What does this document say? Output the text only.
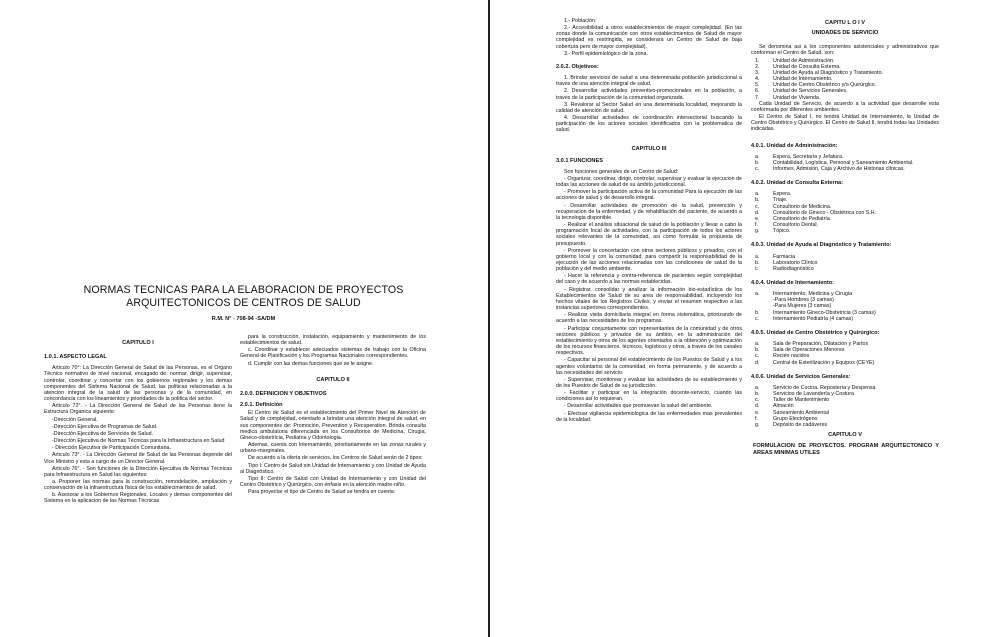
NORMAS TECNICAS PARA LA ELABORACION DE PROYECTOS
ARQUITECTONICOS DE CENTROS DE SALUD
R.M. N° - 708-94 -SA/DM
CAPITULO I
1.0.1. ASPECTO LEGAL
Articulo 70°: La Dirección General de Salud de las Personas, es el Organo Técnico normativo de nivel nacional, encagado de: normar, dirigir, supervisar, controlar, coordinar y concertar con los gobiernos regionales y los demas componentes del Sistema Nacional de Salud, las politicas relacionadas a la atencion integral de la salud de las personas y de la comunidad, en concordancia con los lineamientos y prioridades de la politica del sector.
Articulo 72°. - La Dirección General de Salud de las Personas tiene la Estructura Organica siguiente:
-Dirección General.
-Dirección Ejecutiva de Programas de Salud.
-Dirección Ejecutiva de Servicios de Salud.
-Dirección Ejecutiva de Normas Técnicas para la Infraestructura en Salud
- Dirección Ejecutiva de Participación Comunitaria.
Articulo 73°. - La Dirección General de Salud de las Personas depende del Vice Ministro y esta a cargo de un Director General.
Articulo 76°. - Son funciones de la Dirección Ejecutiva de Normas Técnicas para Infraestructura en Salud las siguientes:
a. Proponer las normas para la construcción, remodelación, ampliación y conservación de la infraestructura física de los establecimientos de salud.
b. Asesorar a los Gobiernos Regionales, Locales y demas componentes del Sistema en la aplicacion de las Normas Técnicas
para la construcción, instalación, equipamiento y mantenimiento de los establecimientos de salud.
c. Coordinar y establecer adecuados sistemas de trabajo con la Oficina General de Planificación y los Programas Nacionales correspondientes.
d. Cumplir con las demas funciones que se le asigne.
CAPITULO II
2.0.0. DEFINICION Y OBJETIVOS
2.0.1. Definición
El Centro de Salud es el establecimiento del Primer Nivel de Atención de Salud y de complejidad, orientado a brindar una atención integral de salud, en sus componentes de: Promoción, Prevention y Recuperation. Brinda consulta medica ambulatoria diferenciada en los Consultorios de Medicina, Cirugia, Gineco-obstetricia, Pediatria y Odontologia.
Ademas, cuenta con Internamiento, prioritariamente en las zonas rurales y urbano-marginales.
De acuerdo a la oferta de servicios, los Centros de Salud serán de 2 tipos:
Tipo I: Centro de Salud sin Unidad de Internamiento y con Unidad de Ayuda al Diagnóstico.
Tipo II: Centro de Salud con Unidad de Internamiento y con Unidad del Centro Obstétrico y Quirúrgico, con énfasis en la atención madre-niño.
Para proyectar el tipo de Centro de Salud se tendra en cuenta:
1.- Población.
2.- Accesibilidad a otros establecimientos de mayor complejidad. (En las zonas donde la comunicación con otros establecimientos de Salud de mayor complejidad es restringida, se considerara un Centro de Salud de baja cobertura pero de mayor complejidad).
3.- Perfil epidemiológico de la zona.
2.0.2. Objetivos:
1. Brindar servicios de salud a una determinada población jurisdiccional a traves de una atención integral de salud.
2. Desarrollar actividades preventivo-promocionales en la población, a traves de la participación de la comunidad organizada.
3. Revalorar al Sector Salud en una determinada localidad, mejorando la calidad de atención de salud.
4. Desarrollar actividades de coordinación intersectorial buscando la participación de los actores sociales identificados con la problematica de salud.
CAPITULO III
3.0.1 FUNCIONES
Son funciones generales de un Centro de Salud:
- Organizar, coordinar, dirigir, controlar, supervisar y evaluar la ejecucion de todas las acciones de salud de su ámbito jurisdiccional.
- Promover la participación activa de la comunidad Para la ejecución de las acciones de salud y de desarrollo integral.
- Desarrollar actividades de promoción de la salud, prevención y recuperacion de la enfermedad, y de rehabilitación del paciente, de acuerdo a la tecnologia disponible.
- Realizar el análisis situacional de salud de la población y llevar a cabo la programación local de actividades, con la participación de todos los actores sociales relevantes de la comunidad, asi como formular la propuesta de presupuesto.
- Promover la concertación con otros sectores públicos y privados, con el gobierno local y con la comunidad, para compartir la responsabilidad de la ejecución de las acciones relacionadas con las condiciones de salud de la población y del medio ambiente.
- Hacer la referencia y contra-referencia de pacientes según complejidad del caso y de acuerdo a las normas establecidas.
- Registrar, consolidar y analizar la información bio-estadística de los Establecimientos de Salud de su area de responsabilidad, incluyendo los hechos vitales de los Registros Civiles, y enviar el resumen respectivo a las instancias superiores correspondientes.
- Realizar visita domiciliaria integral en forma sistemática, priorizando de acuerdo a las necesidades de los programas.
- Participar conjuntamente con representantes de la comunidad y de otros sectores públicos y privados de su ámbito, en la administración del establecimiento y otros de los agentes orientados a la obtención y optimización de los recursos financieros, técnicos, logísticos y otros, a traves de los canales respectivos.
- Capacitar al personal del establecimiento de los Puestos de Salud y a los agentes voluntarios de la comunidad, en forma permanente, y de acuerdo a las necesidades del servicio.
- Supervisar, monitorear y evaluar las actividades de su establecimiento y de los Puestos de Salud de su jurisdicción.
- Facilitar y participar en la integración docente-servicio, cuando las condiciones así lo requieran.
- Desarrollar actividades que promuevan la salud del ambiente.
- Efectuar vigilancia epidemiologica de las enfermedades mas prevalentes de la localidad.
CAPITU L O I V
UNIDADES DE SERVICIO
Se denomina asi a los componentes asistenciales y administrativos que conforman el Centro de Salud, son:
1.	Unidad de Administración.
2.	Unidad de Consulta Externa.
3.	Unidad de Ayuda al Diagnóstico y Tratamiento.
4.	Unidad de Internamiento.
5.	Unidad de Centro Obstétrico y/o Quirúrgico.
6.	Unidad de Servicios Generales.
7.	Unidad de Vivienda.
Cada Unidad de Servicio, de acuerdo a la actividad que desarrolle esta conformada por diferentes ambientes.
El Centro de Salud I, no tendrá Unidad de Internamiento, la Unidad de Centro Obstétrico y Quirúrgico. El Centro de Salud II, tendrá todas las Unidades indicadas.
4.0.1. Unidad de Administración:
a.	Espera, Secretaría y Jefatura.
b.	Contabilidad, Logística, Personal y Saneamiento Ambiental.
c.	Informes, Admisión, Caja y Archivo de Historias clínicas.
4.0.2. Unidad de Consulta Externa:
a.	Espera.
b.	Triaje.
c.	Consultorio de Medicina.
d.	Consultorio de Gineco - Obstétrica con S.H.
e.	Consultorio de Pediatría.
f.	Consultorio Dental.
g.	Tópico.
4.0.3. Unidad de Ayuda al Diagnóstico y Tratamiento:
a.	Farmacia
b.	Laboratorio Clínico
c.	Radiodiagnóstico
4.0.4. Unidad de Internamiento:
a.	Internamiento, Medicina y Cirugía
-Para Hombres (3 camas)
-Para Mujeres (3 camas)
b.	Internamiento Gineco-Obstetricia (3 camas)
c.	Internamiento Pediatría (4 camas)
4.0.5. Unidad de Centro Obstétrico y Quirúrgico:
a.	Sala de Preparación, Dilatación y Partos
b.	Sala de Operaciones Menores
c.	Recién nacidos
d.	Central de Esterilización y Equipos (CEYE)
4.0.6. Unidad de Servicios Generales:
a.	Servicio de Cocina, Repostería y Despensa
b.	Servicios de Lavandería y Costura
c.	Taller de Mantenimiento
d.	Almacén
e.	Saneamiento Ambiental
f.	Grupo Electrógeno
g.	Depósito de cadáveres
CAPITULO V
FORMULACION DE PROYECTOS. PROGRAM ARQUITECTONICO Y AREAS MINIMAS UTILES
